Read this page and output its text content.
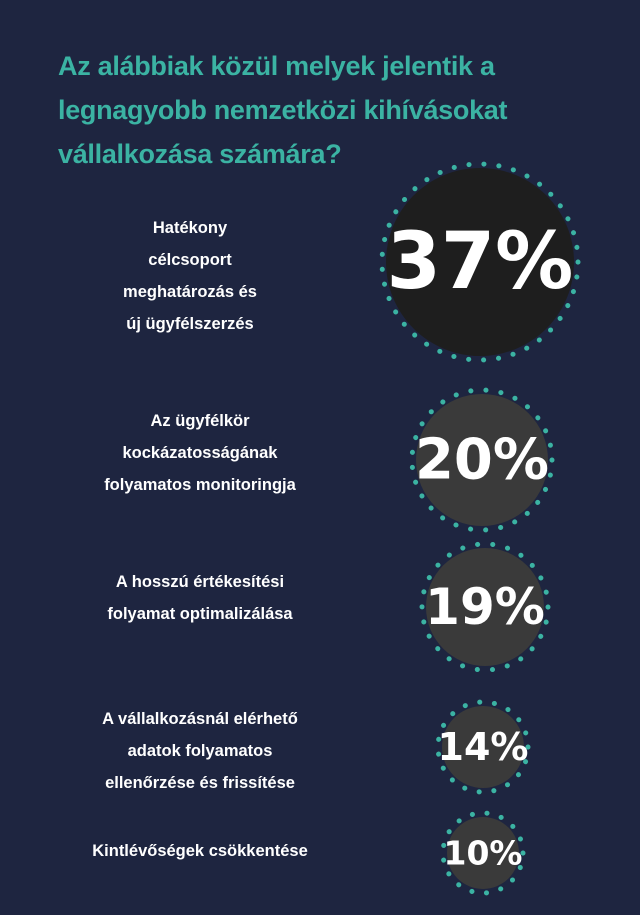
Az alábbiak közül melyek jelentik a legnagyobb nemzetközi kihívásokat vállalkozása számára?
Hatékony
célcsoport
meghatározás és
új ügyfélszerzés
Az ügyfélkör
kockázatosságának
folyamatos monitoringja
A hosszú értékesítési
folyamat optimalizálása
A vállalkozásnál elérhető
adatok folyamatos
ellenőrzése és frissítése
Kintlévőségek csökkentése
37%
20%
19%
14%
10%
